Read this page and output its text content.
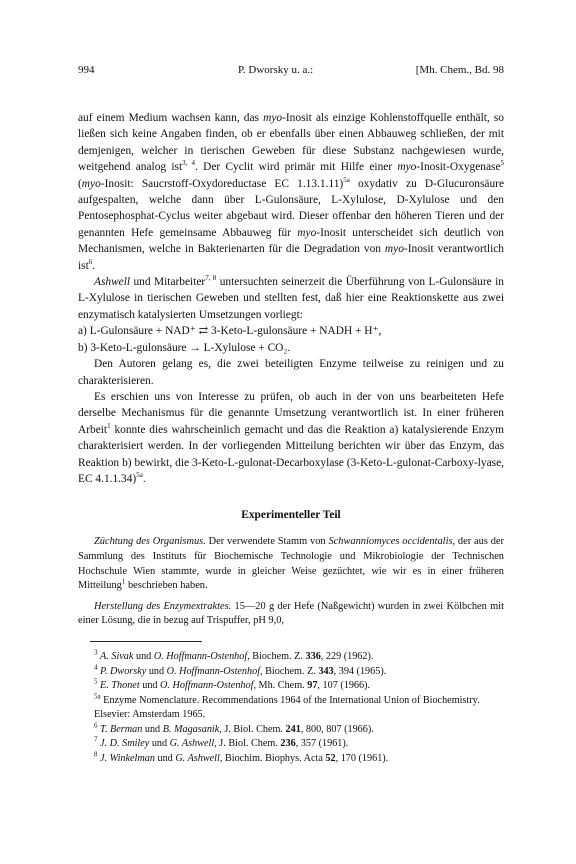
994	P. Dworsky u. a.:	[Mh. Chem., Bd. 98

auf einem Medium wachsen kann, das myo-Inosit als einzige Kohlenstoffquelle enthält, so ließen sich keine Angaben finden, ob er ebenfalls über einen Abbauweg schließen, der mit demjenigen, welcher in tierischen Geweben für diese Substanz nachgewiesen wurde, weitgehend analog ist$^{3, 4}$. Der Cyclit wird primär mit Hilfe einer myo-Inosit-Oxygenase$^5$ (myo-Inosit: Saucrstoff-Oxydoreductase EC 1.13.1.11)$^{5a}$ oxydativ zu D-Glucuronsäure aufgespalten, welche dann über L-Gulonsäure, L-Xylulose, D-Xylulose und den Pentosephosphat-Cyclus weiter abgebaut wird. Dieser offenbar den höheren Tieren und der genannten Hefe gemeinsame Abbauweg für myo-Inosit unterscheidet sich deutlich von Mechanismen, welche in Bakterienarten für die Degradation von myo-Inosit verantwortlich ist$^6$.

Ashwell und Mitarbeiter$^{7, 8}$ untersuchten seinerzeit die Überführung von L-Gulonsäure in L-Xylulose in tierischen Geweben und stellten fest, daß hier eine Reaktionskette aus zwei enzymatisch katalysierten Umsetzungen vorliegt:

a) L-Gulonsäure + NAD⁺ ⇄ 3-Keto-L-gulonsäure + NADH + H⁺,

b) 3-Keto-L-gulonsäure → L-Xylulose + CO₂.

Den Autoren gelang es, die zwei beteiligten Enzyme teilweise zu reinigen und zu charakterisieren.

Es erschien uns von Interesse zu prüfen, ob auch in der von uns bearbeiteten Hefe derselbe Mechanismus für die genannte Umsetzung verantwortlich ist. In einer früheren Arbeit$^1$ konnte dies wahrscheinlich gemacht und das die Reaktion a) katalysierende Enzym charakterisiert werden. In der vorliegenden Mitteilung berichten wir über das Enzym, das Reaktion b) bewirkt, die 3-Keto-L-gulonat-Decarboxylase (3-Keto-L-gulonat-Carboxy-lyase, EC 4.1.1.34)$^{5a}$.

Experimenteller Teil

Züchtung des Organismus. Der verwendete Stamm von Schwanniomyces occidentalis, der aus der Sammlung des Instituts für Biochemische Technologie und Mikrobiologie der Technischen Hochschule Wien stammte, wurde in gleicher Weise gezüchtet, wie wir es in einer früheren Mitteilung$^1$ beschrieben haben.

Herstellung des Enzymextraktes. 15—20 g der Hefe (Naßgewicht) wurden in zwei Kölbchen mit einer Lösung, die in bezug auf Trispuffer, pH 9,0,

$^3$ A. Sivak und O. Hoffmann-Ostenhof, Biochem. Z. 336, 229 (1962).

$^4$ P. Dworsky und O. Hoffmann-Ostenhof, Biochem. Z. 343, 394 (1965).

$^5$ E. Thonet und O. Hoffmann-Ostenhof, Mh. Chem. 97, 107 (1966).

$^{5a}$ Enzyme Nomenclature. Recommendations 1964 of the International Union of Biochemistry. Elsevier: Amsterdam 1965.

$^6$ T. Berman und B. Magasanik, J. Biol. Chem. 241, 800, 807 (1966).

$^7$ J. D. Smiley und G. Ashwell, J. Biol. Chem. 236, 357 (1961).

$^8$ J. Winkelman und G. Ashwell, Biochim. Biophys. Acta 52, 170 (1961).
